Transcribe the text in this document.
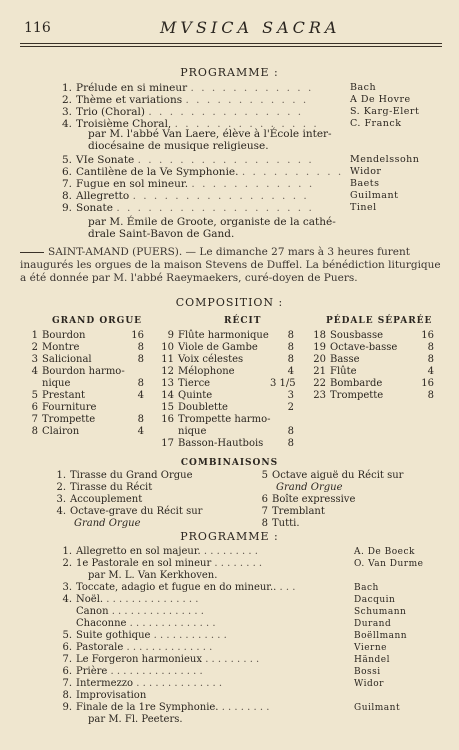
116	MVSICA SACRA
PROGRAMME :
1. Prélude en si mineur . . . . . . . . . . . .	Bach
2. Thème et variations . . . . . . . . . . . .	A De Hovre
3. Trio (Choral) . . . . . . . . . . . . . . .	S. Karg-Elert
4. Troisième Choral, . . . . . . . . . . . . . .	C. Franck
5. VIe Sonate . . . . . . . . . . . . . . . . .	Mendelssohn
6. Cantilène de la Ve Symphonie. . . . . . . . . . . Widor
7. Fugue en sol mineur. . . . . . . . . . . . .	Baets
8. Allegretto . . . . . . . . . . . . . . . . .	Guilmant
9. Sonate . . . . . . . . . . . . . . . . . . .	Tinel
par M. l'abbé Van Laere, élève à l'École inter-
diocésaine de musique religieuse.
par M. Émile de Groote, organiste de la cathé-
drale Saint-Bavon de Gand.
SAINT-AMAND (PUERS). — Le dimanche 27 mars à 3 heures furent
inaugurés les orgues de la maison Stevens de Duffel. La bénédiction liturgique
a été donnée par M. l'abbé Raeymaekers, curé-doyen de Puers.
COMPOSITION :
GRAND ORGUE	RÉCIT	PÉDALE SÉPARÉE
1 Bourdon	16
2 Montre	8
3 Salicional	8
4 Bourdon harmo-
nique	8
5 Prestant	4
6 Fourniture
7 Trompette	8
8 Clairon	4
9 Flûte harmonique	8
10 Viole de Gambe	8
11 Voix célestes	8
12 Mélophone	4
13 Tierce	3 1/5
14 Quinte	3
15 Doublette	2
16 Trompette harmo-
nique	8
17 Basson-Hautbois	8
18 Sousbasse	16
19 Octave-basse	8
20 Basse	8
21 Flûte	4
22 Bombarde	16
23 Trompette	8
COMBINAISONS
1. Tirasse du Grand Orgue
2. Tirasse du Récit
3. Accouplement
4. Octave-grave du Récit sur
Grand Orgue
5 Octave aiguë du Récit sur
Grand Orgue
6 Boîte expressive
7 Tremblant
8 Tutti.
PROGRAMME :
1. Allegretto en sol majeur. . . . . . . . . .	A. De Boeck
2. 1e Pastorale en sol mineur . . . . . . . .	O. Van Durme
par M. L. Van Kerkhoven.
3. Toccate, adagio et fugue en do mineur.. . . .	Bach
4. Noël. . . . . . . . . . . . . . . .	Dacquin
Canon . . . . . . . . . . . . . . .	Schumann
Chaconne . . . . . . . . . . . . . .	Durand
5. Suite gothique . . . . . . . . . . . .	Boëllmann
6. Pastorale . . . . . . . . . . . . . .	Vierne
7. Le Forgeron harmonieux . . . . . . . . .	Händel
6. Prière . . . . . . . . . . . . . . .	Bossi
7. Intermezzo . . . . . . . . . . . . . .	Widor
8. Improvisation
9. Finale de la 1re Symphonie. . . . . . . . .	Guilmant
par M. Fl. Peeters.
